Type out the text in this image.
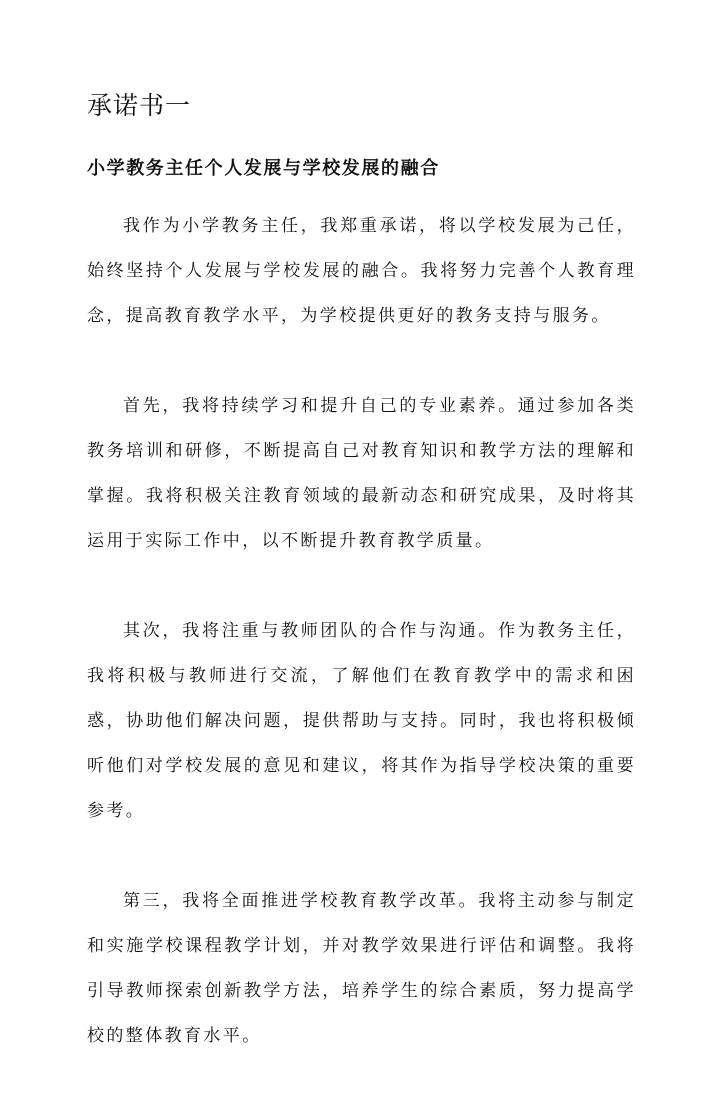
承诺书一
小学教务主任个人发展与学校发展的融合

我作为小学教务主任，我郑重承诺，将以学校发展为己任，始终坚持个人发展与学校发展的融合。我将努力完善个人教育理念，提高教育教学水平，为学校提供更好的教务支持与服务。

首先，我将持续学习和提升自己的专业素养。通过参加各类教务培训和研修，不断提高自己对教育知识和教学方法的理解和掌握。我将积极关注教育领域的最新动态和研究成果，及时将其运用于实际工作中，以不断提升教育教学质量。

其次，我将注重与教师团队的合作与沟通。作为教务主任，我将积极与教师进行交流，了解他们在教育教学中的需求和困惑，协助他们解决问题，提供帮助与支持。同时，我也将积极倾听他们对学校发展的意见和建议，将其作为指导学校决策的重要参考。

第三，我将全面推进学校教育教学改革。我将主动参与制定和实施学校课程教学计划，并对教学效果进行评估和调整。我将引导教师探索创新教学方法，培养学生的综合素质，努力提高学校的整体教育水平。
